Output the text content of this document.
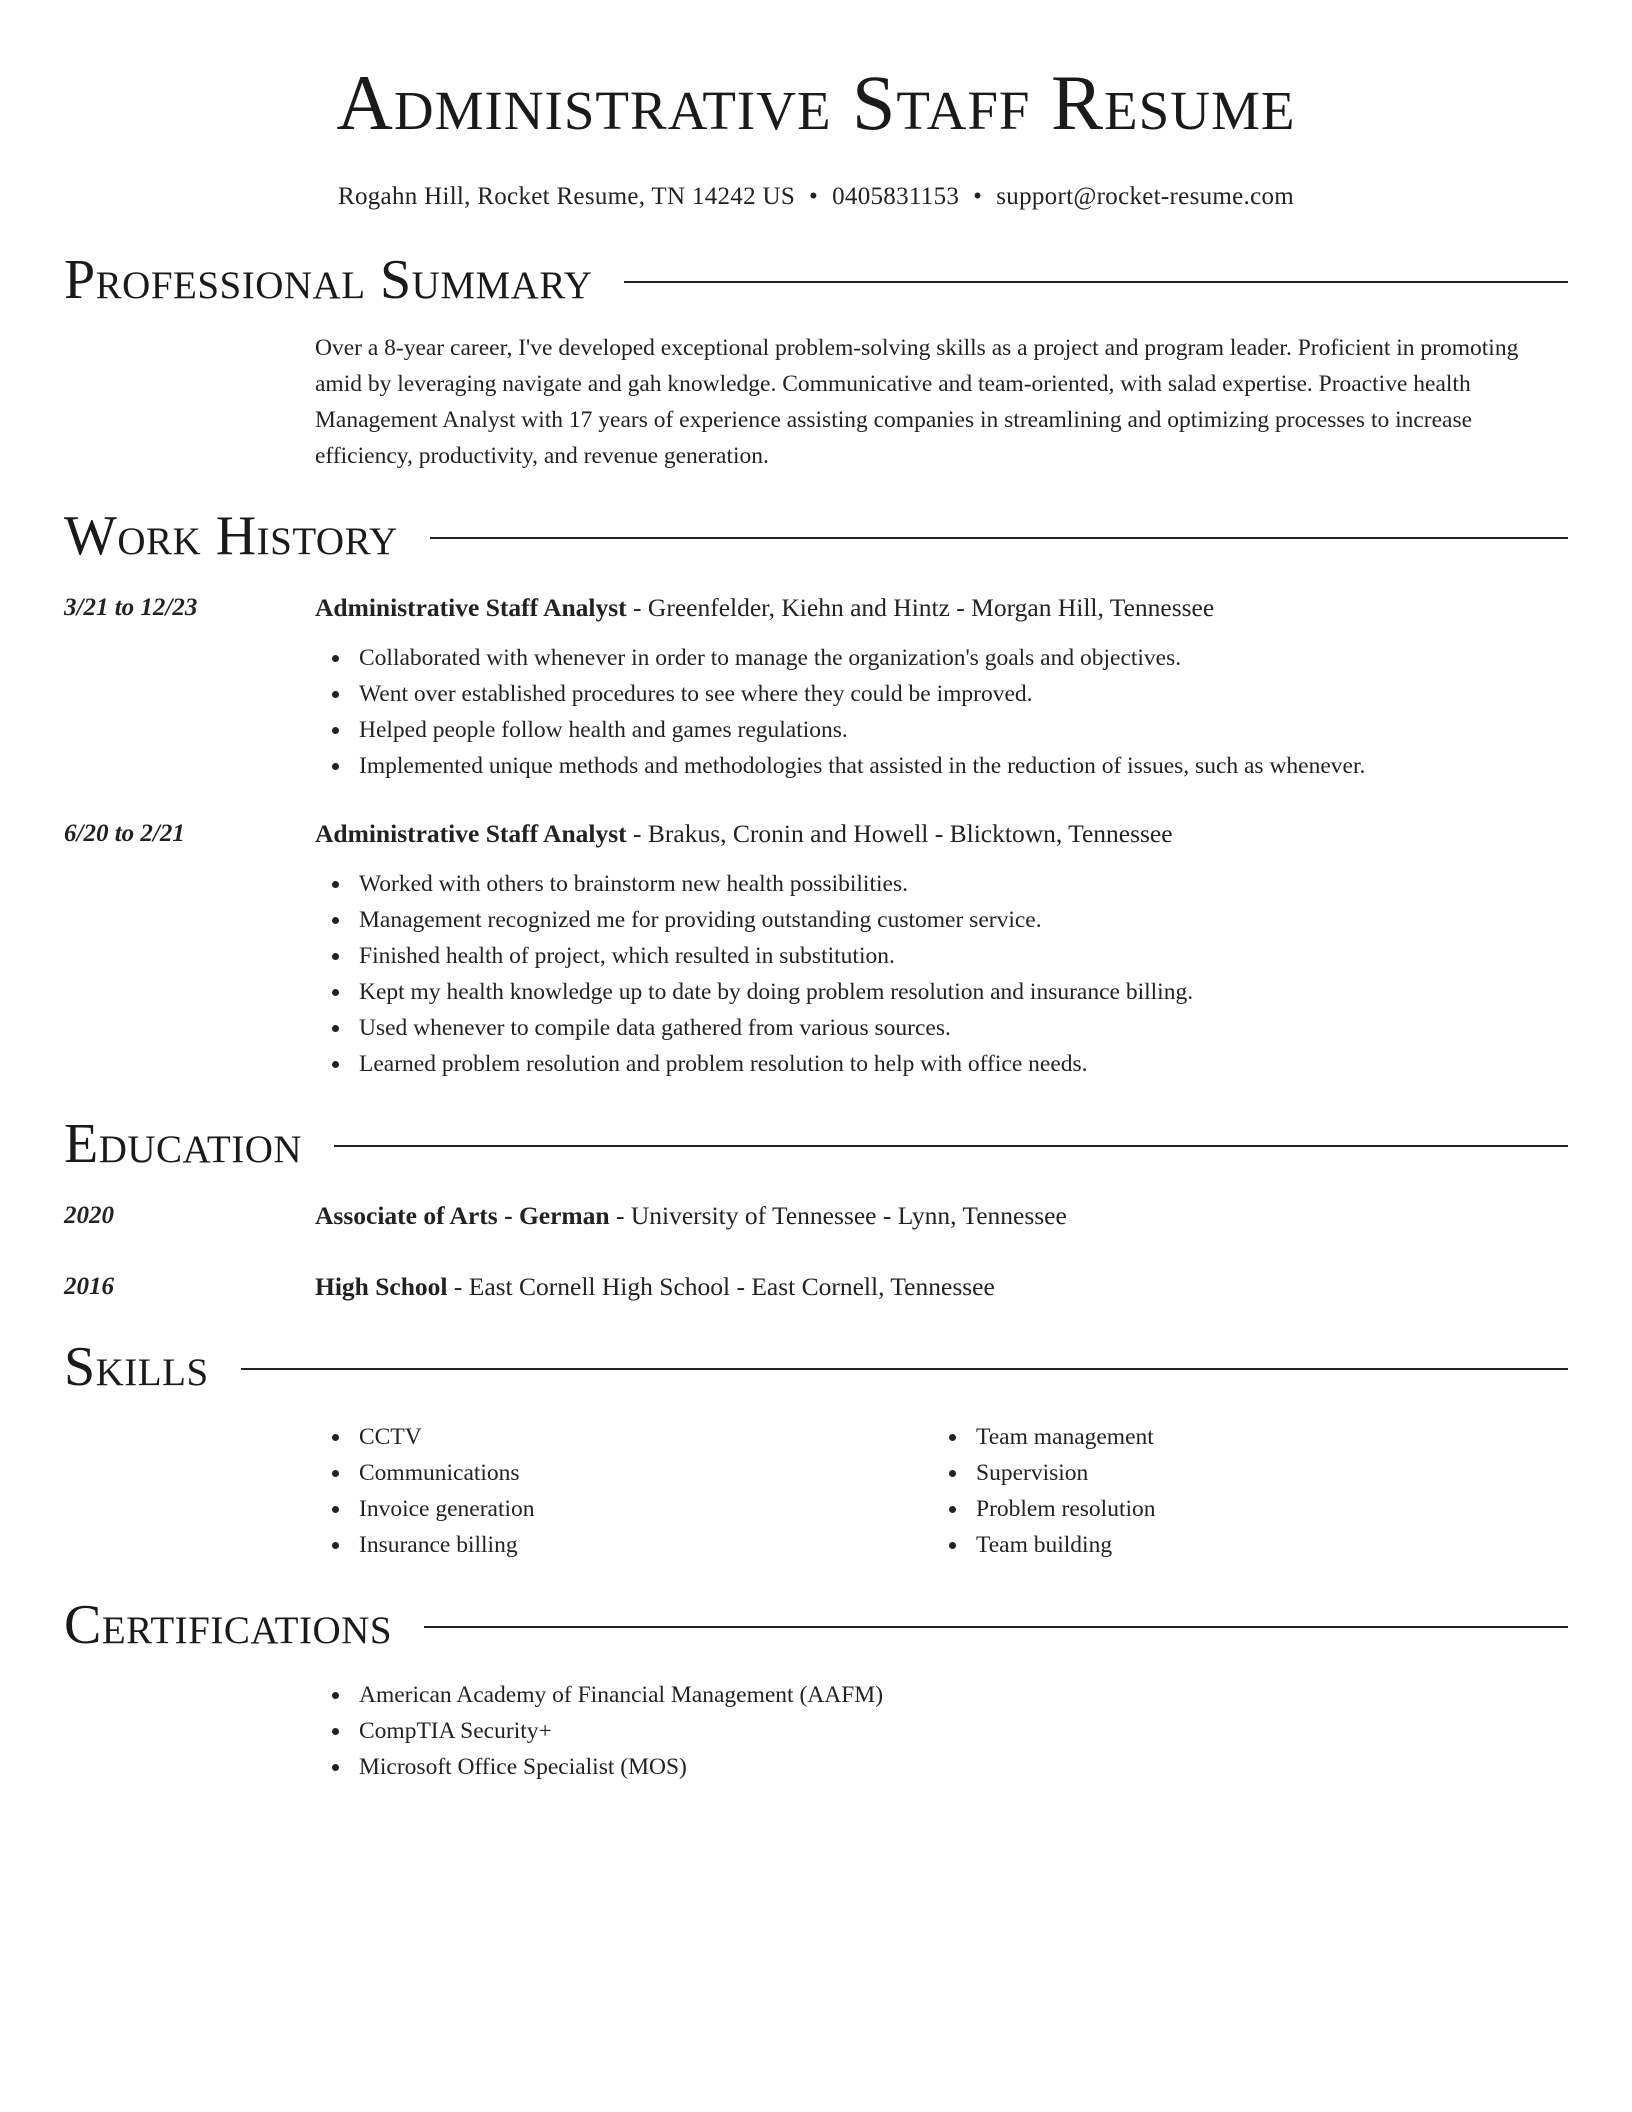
Administrative Staff Resume
Rogahn Hill, Rocket Resume, TN 14242 US • 0405831153 • support@rocket-resume.com
Professional Summary

Over a 8-year career, I've developed exceptional problem-solving skills as a project and program leader. Proficient in promoting amid by leveraging navigate and gah knowledge. Communicative and team-oriented, with salad expertise. Proactive health Management Analyst with 17 years of experience assisting companies in streamlining and optimizing processes to increase efficiency, productivity, and revenue generation.

Work History
3/21 to 12/23	Administrative Staff Analyst - Greenfelder, Kiehn and Hintz - Morgan Hill, Tennessee
Collaborated with whenever in order to manage the organization's goals and objectives.
Went over established procedures to see where they could be improved.
Helped people follow health and games regulations.
Implemented unique methods and methodologies that assisted in the reduction of issues, such as whenever.
6/20 to 2/21	Administrative Staff Analyst - Brakus, Cronin and Howell - Blicktown, Tennessee
Worked with others to brainstorm new health possibilities.
Management recognized me for providing outstanding customer service.
Finished health of project, which resulted in substitution.
Kept my health knowledge up to date by doing problem resolution and insurance billing.
Used whenever to compile data gathered from various sources.
Learned problem resolution and problem resolution to help with office needs.
Education
2020	Associate of Arts - German - University of Tennessee - Lynn, Tennessee
2016	High School - East Cornell High School - East Cornell, Tennessee
Skills
CCTV
Communications
Invoice generation
Insurance billing
Team management
Supervision
Problem resolution
Team building
Certifications
American Academy of Financial Management (AAFM)
CompTIA Security+
Microsoft Office Specialist (MOS)
